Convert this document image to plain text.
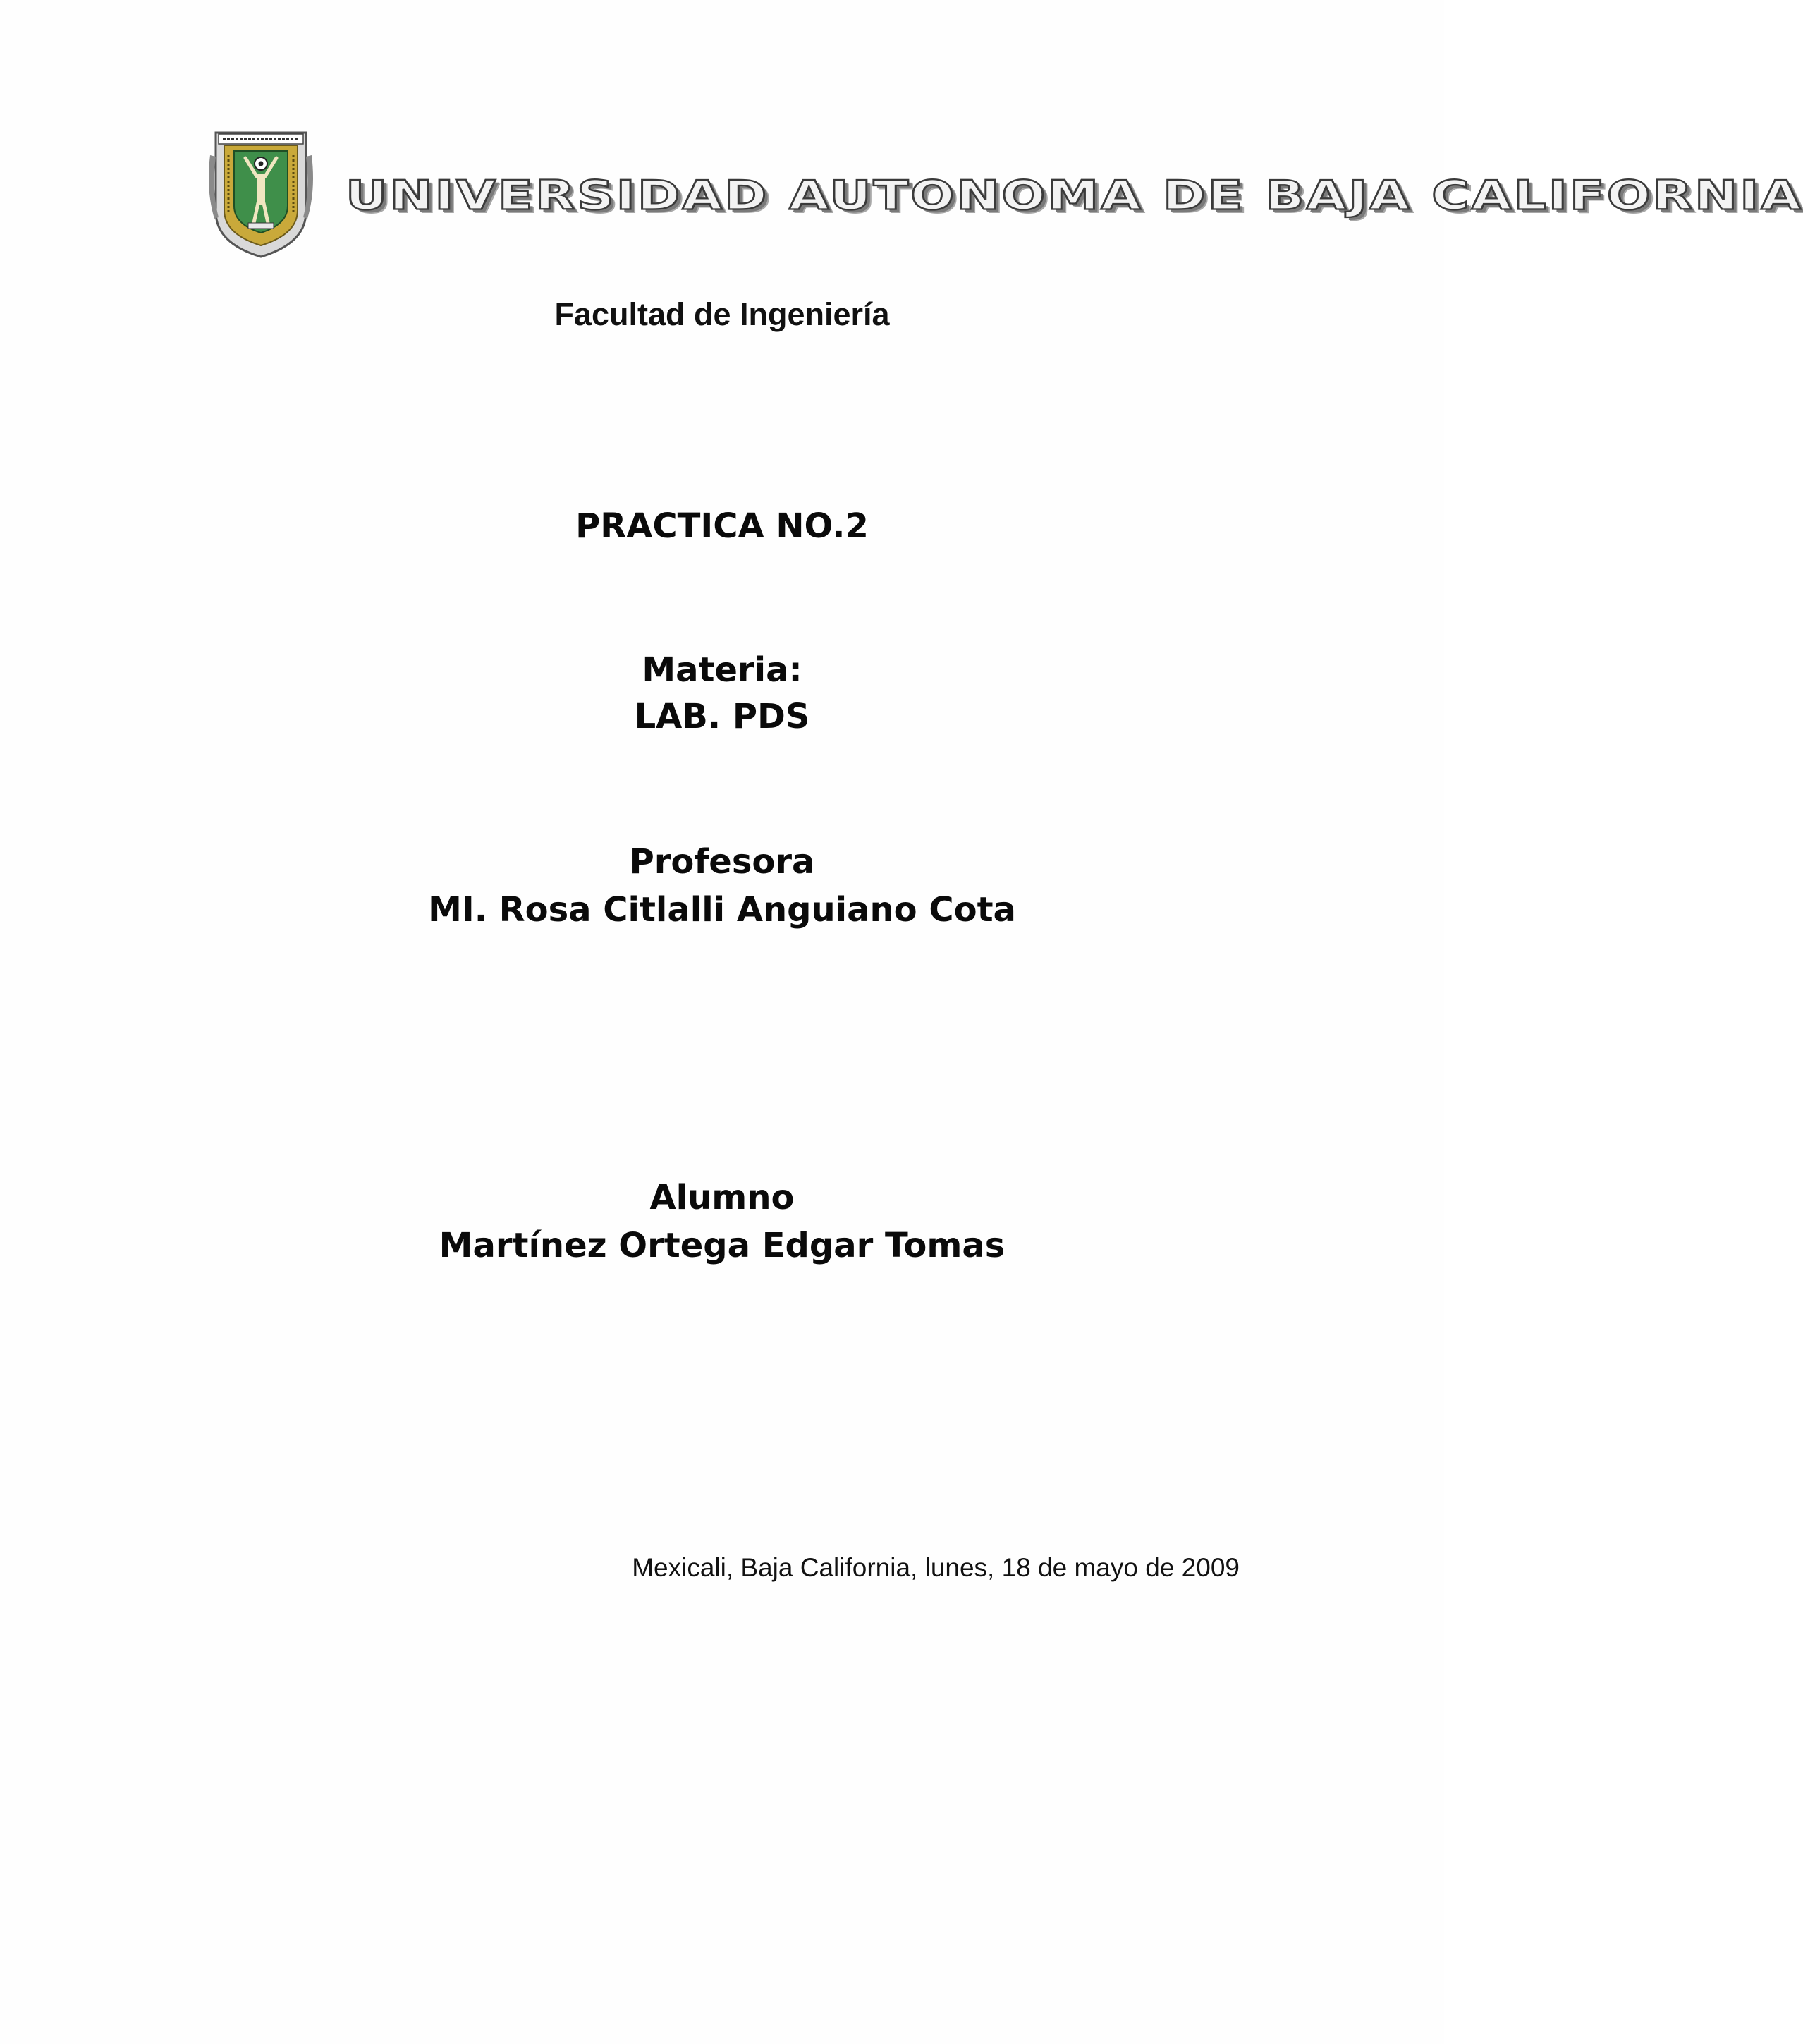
UNIVERSIDAD AUTONOMA DE BAJA CALIFORNIA

Facultad de Ingeniería

PRACTICA NO.2

Materia:

LAB. PDS

Profesora

MI. Rosa Citlalli Anguiano Cota

Alumno

Martínez Ortega Edgar Tomas

Mexicali, Baja California, lunes, 18 de mayo de 2009
